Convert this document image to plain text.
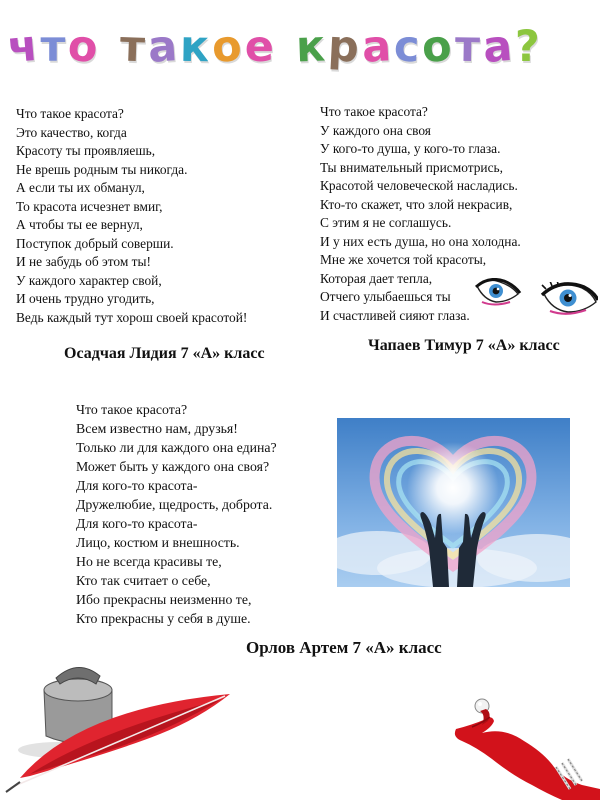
ч т о т а к о е к р а с о т а ?
Что такое красота?
Это качество, когда
Красоту ты проявляешь,
Не врешь родным ты никогда.
А если ты их обманул,
То красота исчезнет вмиг,
А чтобы ты ее вернул,
Поступок добрый соверши.
И не забудь об этом ты!
У каждого характер свой,
И очень трудно угодить,
Ведь каждый тут хорош своей красотой!
Осадчая Лидия 7 «А» класс
Что такое красота?
У каждого она своя
У кого-то душа, у кого-то глаза.
Ты внимательный присмотрись,
Красотой человеческой насладись.
Кто-то скажет, что злой некрасив,
С этим я не соглашусь.
И у них есть душа, но она холодна.
Мне же хочется той красоты,
Которая дает тепла,
Отчего улыбаешься ты
И счастливей сияют глаза.
Чапаев Тимур 7 «А» класс
Что такое красота?
Всем известно нам, друзья!
Только ли для каждого она едина?
Может быть у каждого она своя?
Для кого-то красота-
Дружелюбие, щедрость, доброта.
Для кого-то красота-
Лицо, костюм и внешность.
Но не всегда красивы те,
Кто так считает о себе,
Ибо прекрасны неизменно те,
Кто прекрасны у себя в душе.
Орлов Артем 7 «А» класс
